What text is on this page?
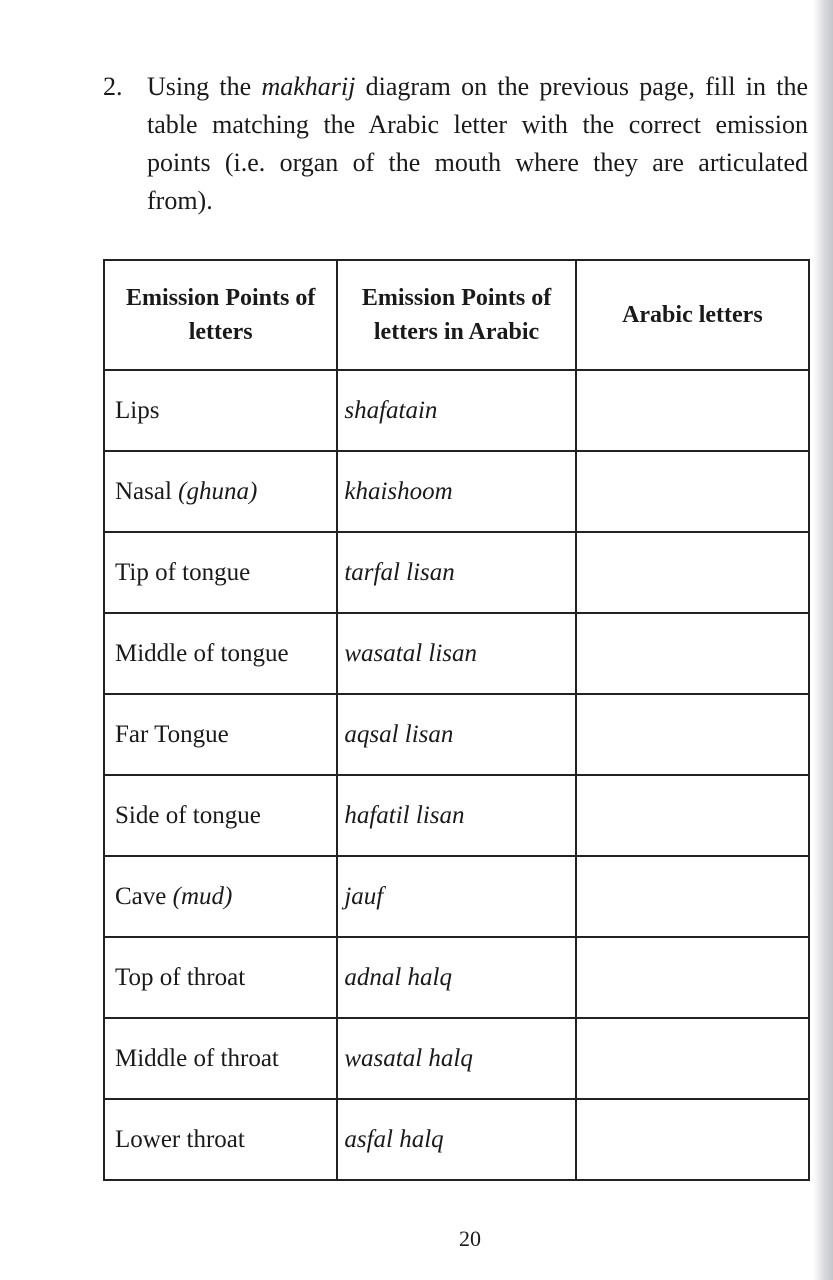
2. Using the makharij diagram on the previous page, fill in the table matching the Arabic letter with the correct emission points (i.e. organ of the mouth where they are articulated from).
Emission Points of letters	Emission Points of letters in Arabic	Arabic letters
Lips	shafatain	
Nasal (ghuna)	khaishoom	
Tip of tongue	tarfal lisan	
Middle of tongue	wasatal lisan	
Far Tongue	aqsal lisan	
Side of tongue	hafatil lisan	
Cave (mud)	jauf	
Top of throat	adnal halq	
Middle of throat	wasatal halq	
Lower throat	asfal halq	
20
